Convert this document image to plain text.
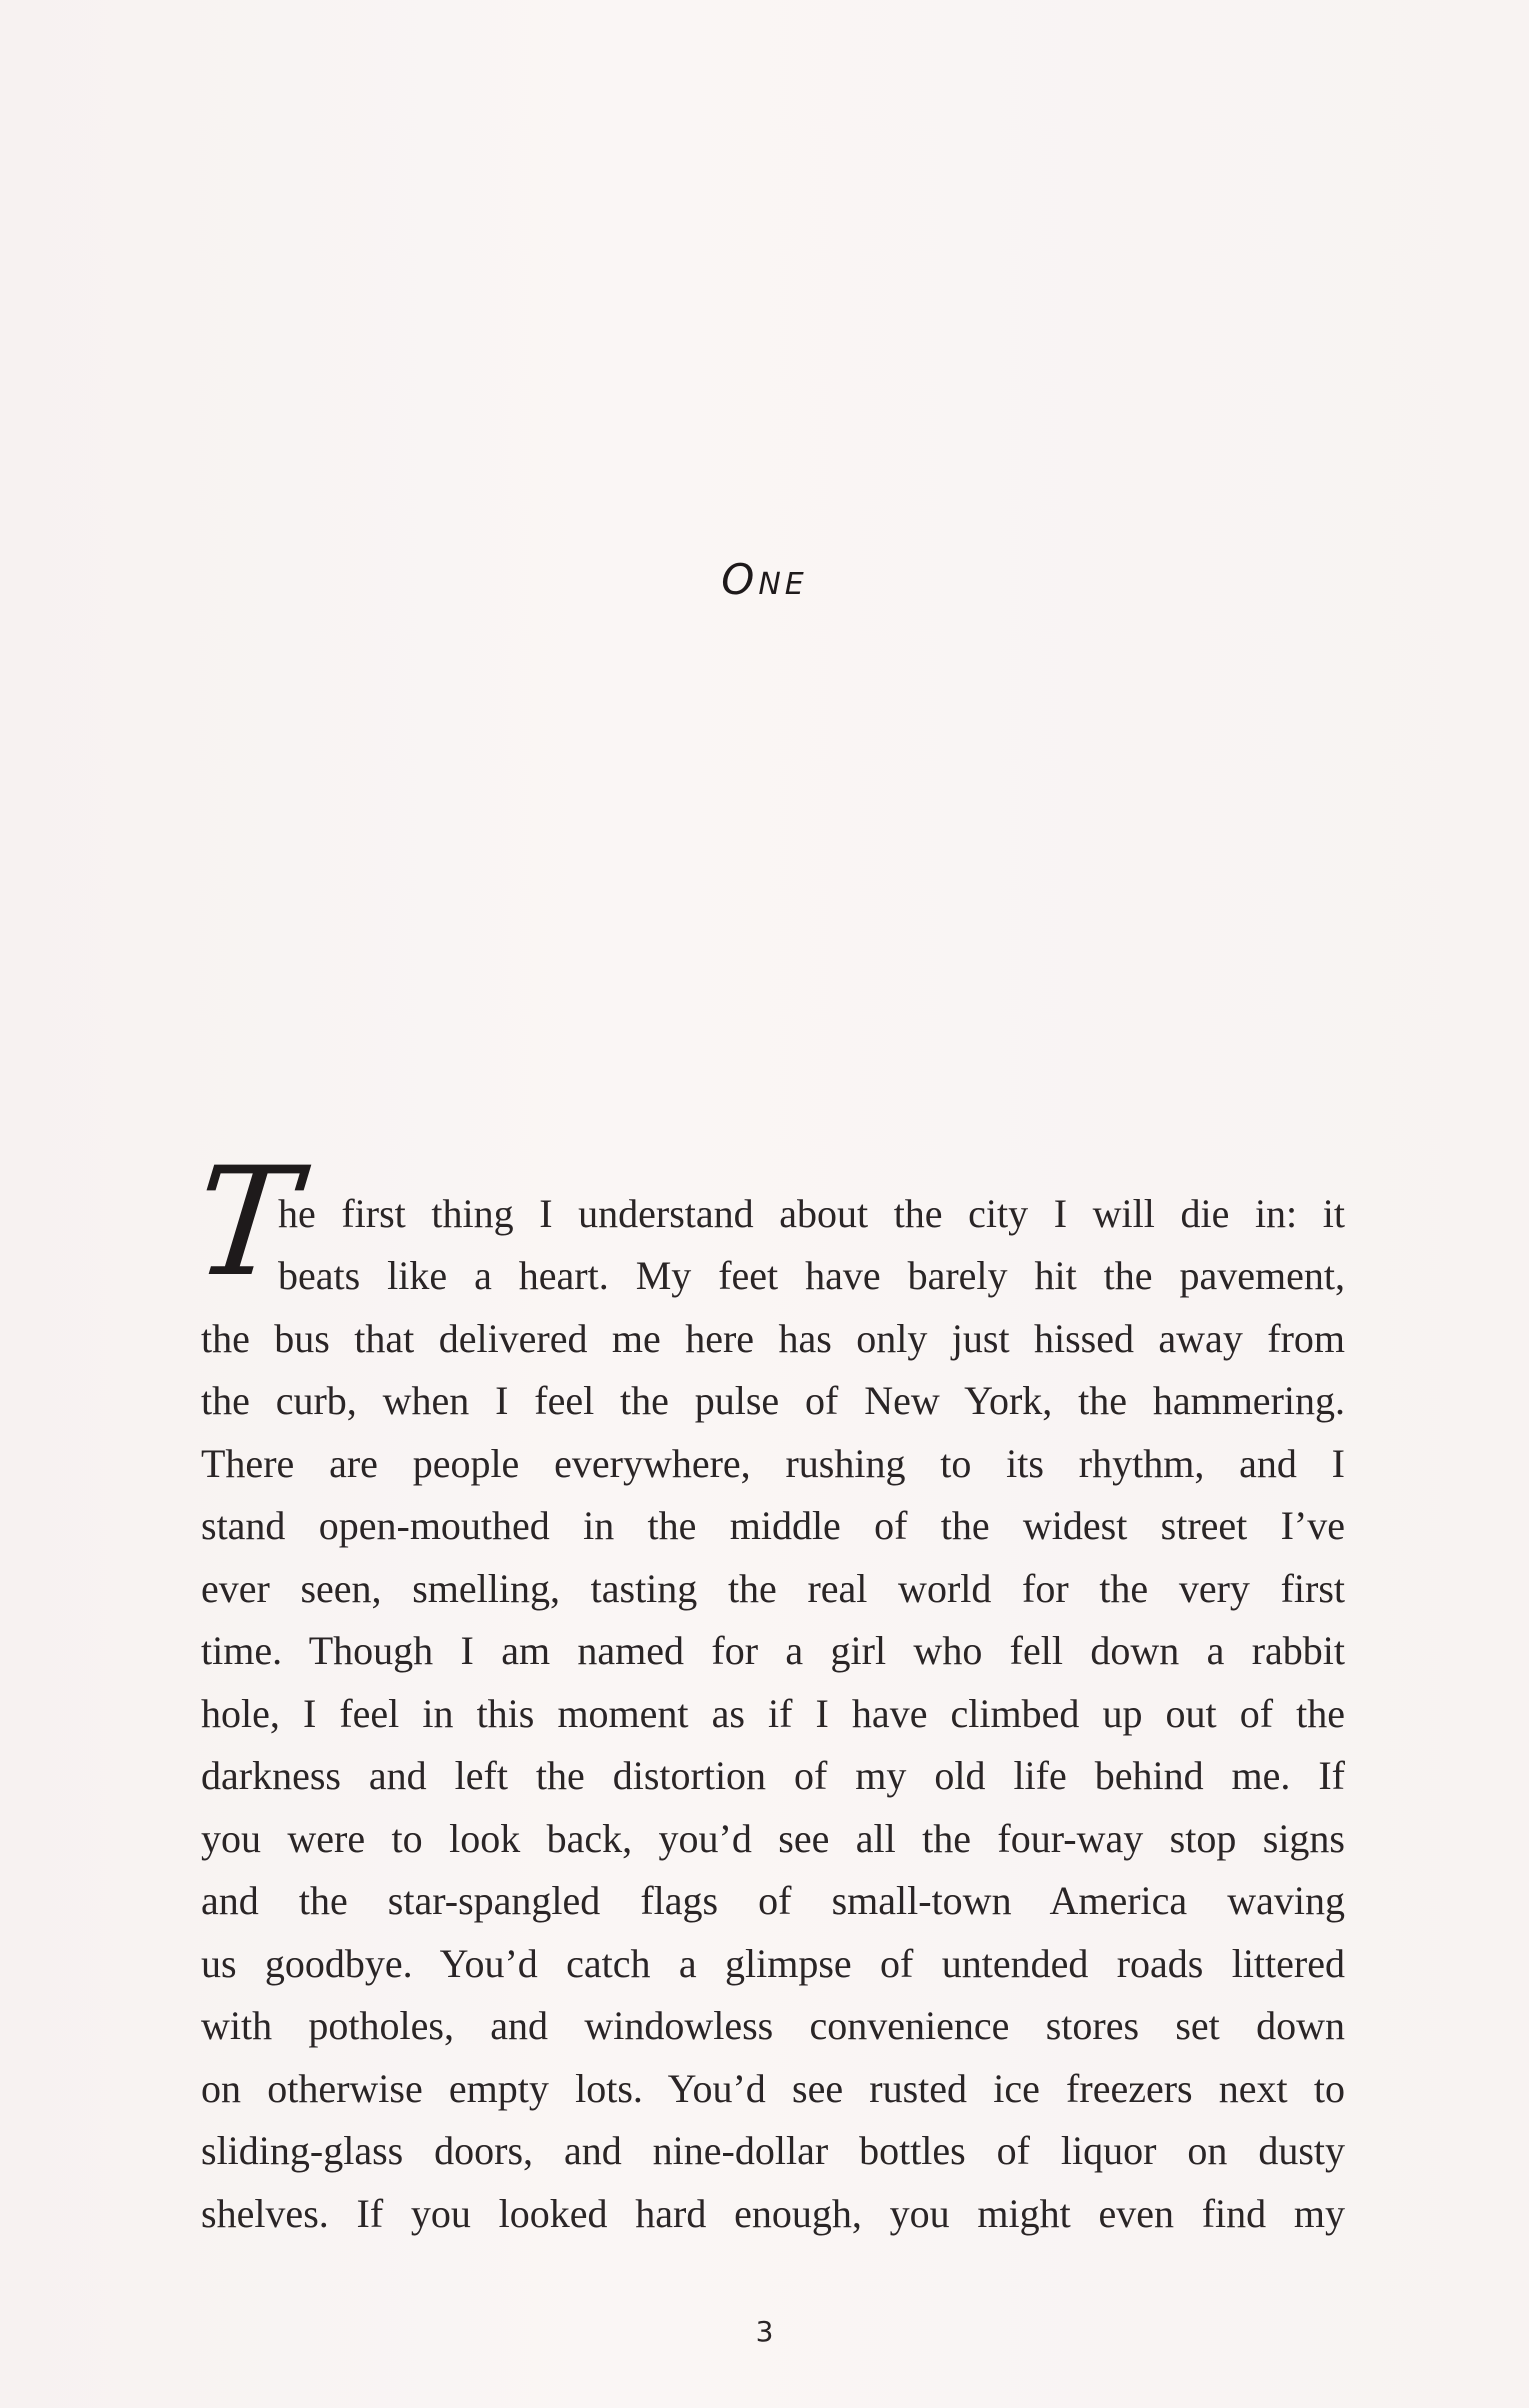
ONE
T
he first thing I understand about the city I will die in: it
beats like a heart. My feet have barely hit the pavement,
the bus that delivered me here has only just hissed away from
the curb, when I feel the pulse of New York, the hammering.
There are people everywhere, rushing to its rhythm, and I
stand open-mouthed in the middle of the widest street I’ve
ever seen, smelling, tasting the real world for the very first
time. Though I am named for a girl who fell down a rabbit
hole, I feel in this moment as if I have climbed up out of the
darkness and left the distortion of my old life behind me. If
you were to look back, you’d see all the four-way stop signs
and the star-spangled flags of small-town America waving
us goodbye. You’d catch a glimpse of untended roads littered
with potholes, and windowless convenience stores set down
on otherwise empty lots. You’d see rusted ice freezers next to
sliding-glass doors, and nine-dollar bottles of liquor on dusty
shelves. If you looked hard enough, you might even find my
3
